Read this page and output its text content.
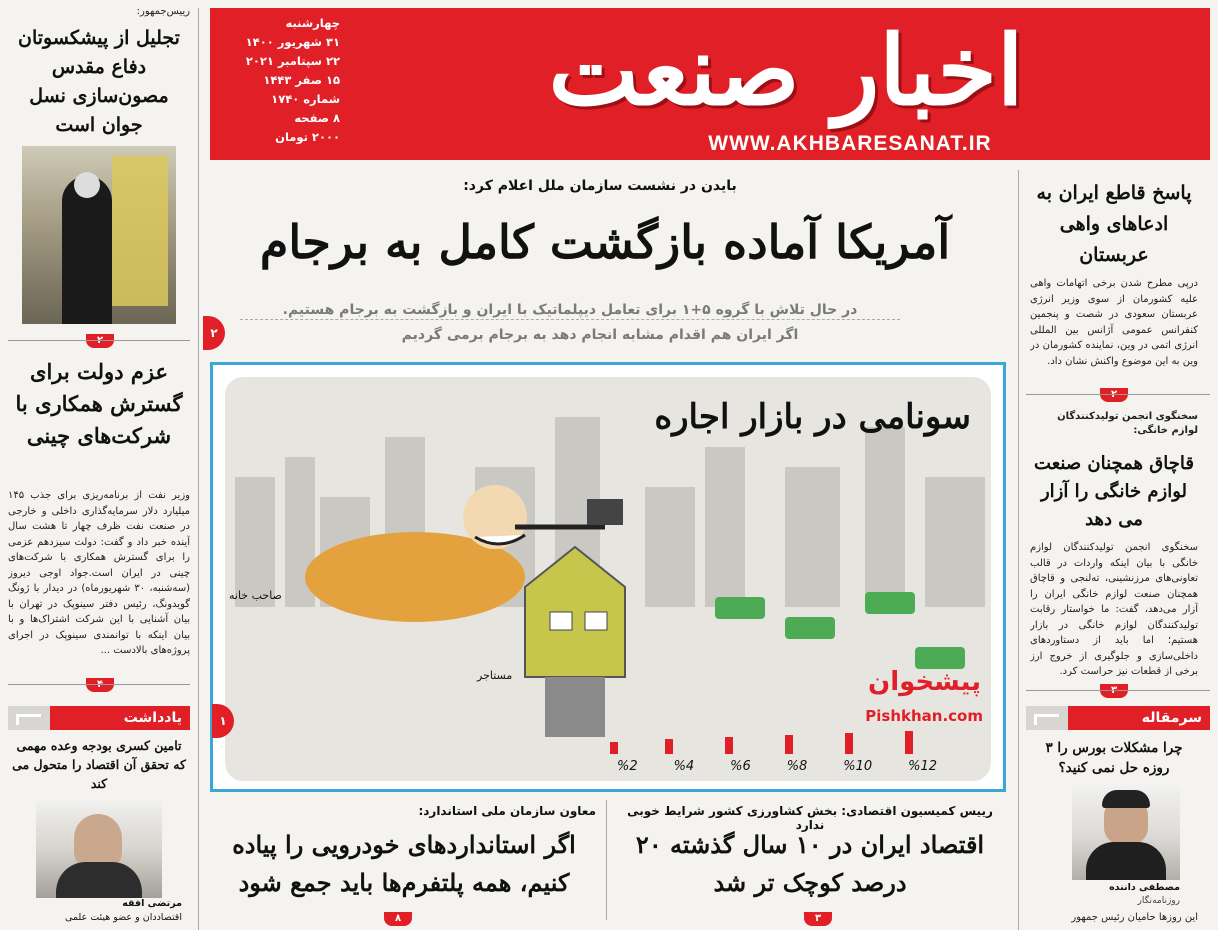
اخبار صنعت
WWW.AKHBARESANAT.IR
چهارشنبه
۳۱ شهریور ۱۴۰۰
۲۲ سپتامبر ۲۰۲۱
۱۵ صفر ۱۴۴۳
شماره ۱۷۴۰
۸ صفحه
۲۰۰۰ تومان
رییس‌جمهور:
تجلیل از پیشکسوتان دفاع مقدس مصون‌سازی نسل جوان است
عزم دولت برای گسترش همکاری با شرکت‌های چینی
وزیر نفت از برنامه‌ریزی برای جذب ۱۴۵ میلیارد دلار سرمایه‌گذاری داخلی و خارجی در صنعت نفت ظرف چهار تا هشت سال آینده خبر داد و گفت: دولت سیزدهم عزمی را برای گسترش همکاری با شرکت‌های چینی در ایران است.جواد اوجی دیروز (سه‌شنبه، ۳۰ شهریورماه) در دیدار با ژونگ گویدونگ، رئیس دفتر سینوپک در تهران با بیان آشنایی با این شرکت اشتراک‌ها و با بیان اینکه با توانمندی سینوپک در اجرای پروژه‌های بالادست ...
یادداشت
تامین کسری بودجه وعده مهمی که تحقق آن اقتصاد را متحول می کند
مرتضی افقه
اقتصاددان و عضو هیئت علمی
بایدن در نشست سازمان ملل اعلام کرد:
آمریکا آماده بازگشت کامل به برجام
در حال تلاش با گروه ۵+۱ برای تعامل دیپلماتیک با ایران و بازگشت به برجام هستیم.
اگر ایران هم اقدام مشابه انجام دهد به برجام برمی گردیم
۲
سونامی در بازار اجاره
صاحب خانه
مستاجر
%2	%4	%6	%8	%10	%12
پیشخوان
Pishkhan.com
۱
رییس کمیسیون اقتصادی: بخش کشاورزی کشور شرایط خوبی ندارد
اقتصاد ایران در ۱۰ سال گذشته ۲۰ درصد کوچک تر شد
۳
معاون سازمان ملی استاندارد:
اگر استانداردهای خودرویی را پیاده کنیم، همه پلتفرم‌ها باید جمع شود
۸
پاسخ قاطع ایران به ادعاهای واهی عربستان
درپی مطرح شدن برخی اتهامات واهی علیه کشورمان از سوی وزیر انرژی عربستان سعودی در شصت و پنجمین کنفرانس عمومی آژانس بین المللی انرژی اتمی در وین، نماینده کشورمان در وین به این موضوع واکنش نشان داد.
سخنگوی انجمن تولیدکنندگان لوازم خانگی:
قاچاق همچنان صنعت لوازم خانگی را آزار می دهد
سخنگوی انجمن تولیدکنندگان لوازم خانگی با بیان اینکه واردات در قالب تعاونی‌های مرزنشینی، ته‌لنجی و قاچاق همچنان صنعت لوازم خانگی ایران را آزار می‌دهد، گفت: ما خواستار رقابت تولیدکنندگان لوازم خانگی در بازار هستیم؛ اما باید از دستاوردهای داخلی‌سازی و جلوگیری از خروج ارز برخی از قطعات نیز حراست کرد.
سرمقاله
چرا مشکلات بورس را ۳ روزه حل نمی کنید؟
مصطفی داننده
روزنامه‌نگار
این روزها حامیان رئیس جمهور
